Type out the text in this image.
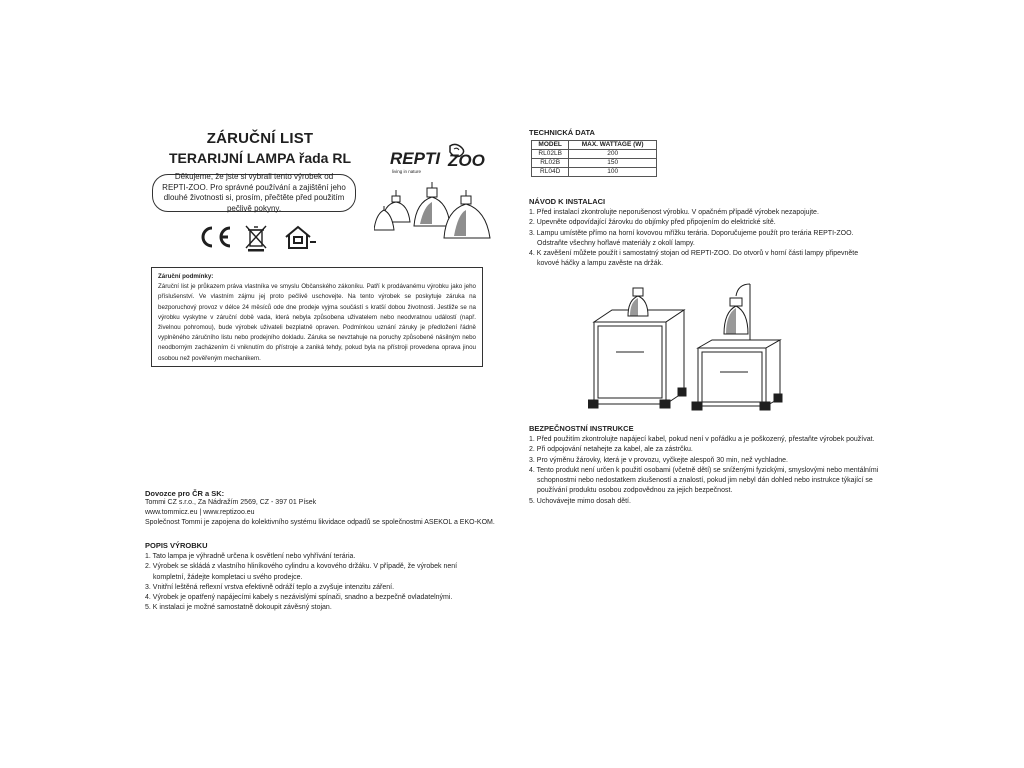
ZÁRUČNÍ LIST
TERARIJNÍ LAMPA řada RL
Děkujeme, že jste si vybrali tento výrobek od REPTI-ZOO. Pro správné používání a zajištění jeho dlouhé životnosti si, prosím, přečtěte před použitím pečlivě pokyny.
REPTI ZOO
living in nature
Záruční podmínky:
Záruční list je průkazem práva vlastníka ve smyslu Občanského zákoníku. Patří k prodávanému výrobku jako jeho příslušenství. Ve vlastním zájmu jej proto pečlivě uschovejte. Na tento výrobek se poskytuje záruka na bezporuchový provoz v délce 24 měsíců ode dne prodeje vyjma součástí s kratší dobou životnosti. Jestliže se na výrobku vyskytne v záruční době vada, která nebyla způsobena uživatelem nebo neodvratnou událostí (např. živelnou pohromou), bude výrobek uživateli bezplatně opraven. Podmínkou uznání záruky je předložení řádně vyplněného záručního listu nebo prodejního dokladu. Záruka se nevztahuje na poruchy způsobené násilným nebo neodborným zacházením či vniknutím do přístroje a zaniká tehdy, pokud byla na přístroji provedena oprava jinou osobou než pověřeným mechanikem.
Dovozce pro ČR a SK:
Tommi CZ s.r.o., Za Nádražím 2569, CZ - 397 01 Písek
www.tommicz.eu | www.reptizoo.eu
Společnost Tommi je zapojena do kolektivního systému likvidace odpadů se společnostmi ASEKOL a EKO-KOM.
POPIS VÝROBKU
1. Tato lampa je výhradně určena k osvětlení nebo vyhřívání terária.
2. Výrobek se skládá z vlastního hliníkového cylindru a kovového držáku. V případě, že výrobek není kompletní, žádejte kompletaci u svého prodejce.
3. Vnitřní leštěná reflexní vrstva efektivně odráží teplo a zvyšuje intenzitu záření.
4. Výrobek je opatřený napájecími kabely s nezávislými spínači, snadno a bezpečně ovladatelnými.
5. K instalaci je možné samostatně dokoupit závěsný stojan.
TECHNICKÁ DATA
MODEL	MAX. WATTAGE (W)
RL02LB	200
RL02B	150
RL04D	100
NÁVOD K INSTALACI
1. Před instalací zkontrolujte neporušenost výrobku. V opačném případě výrobek nezapojujte.
2. Upevněte odpovídající žárovku do objímky před připojením do elektrické sítě.
3. Lampu umístěte přímo na horní kovovou mřížku terária. Doporučujeme použít pro terária REPTI-ZOO. Odstraňte všechny hořlavé materiály z okolí lampy.
4. K zavěšení můžete použít i samostatný stojan od REPTI-ZOO. Do otvorů v horní části lampy připevněte kovové háčky a lampu zavěste na držák.
BEZPEČNOSTNÍ INSTRUKCE
1. Před použitím zkontrolujte napájecí kabel, pokud není v pořádku a je poškozený, přestaňte výrobek používat.
2. Při odpojování netahejte za kabel, ale za zástrčku.
3. Pro výměnu žárovky, která je v provozu, vyčkejte alespoň 30 min, než vychladne.
4. Tento produkt není určen k použití osobami (včetně dětí) se sníženými fyzickými, smyslovými nebo mentálními schopnostmi nebo nedostatkem zkušeností a znalostí, pokud jim nebyl dán dohled nebo instrukce týkající se používání produktu osobou zodpovědnou za jejich bezpečnost.
5. Uchovávejte mimo dosah dětí.
